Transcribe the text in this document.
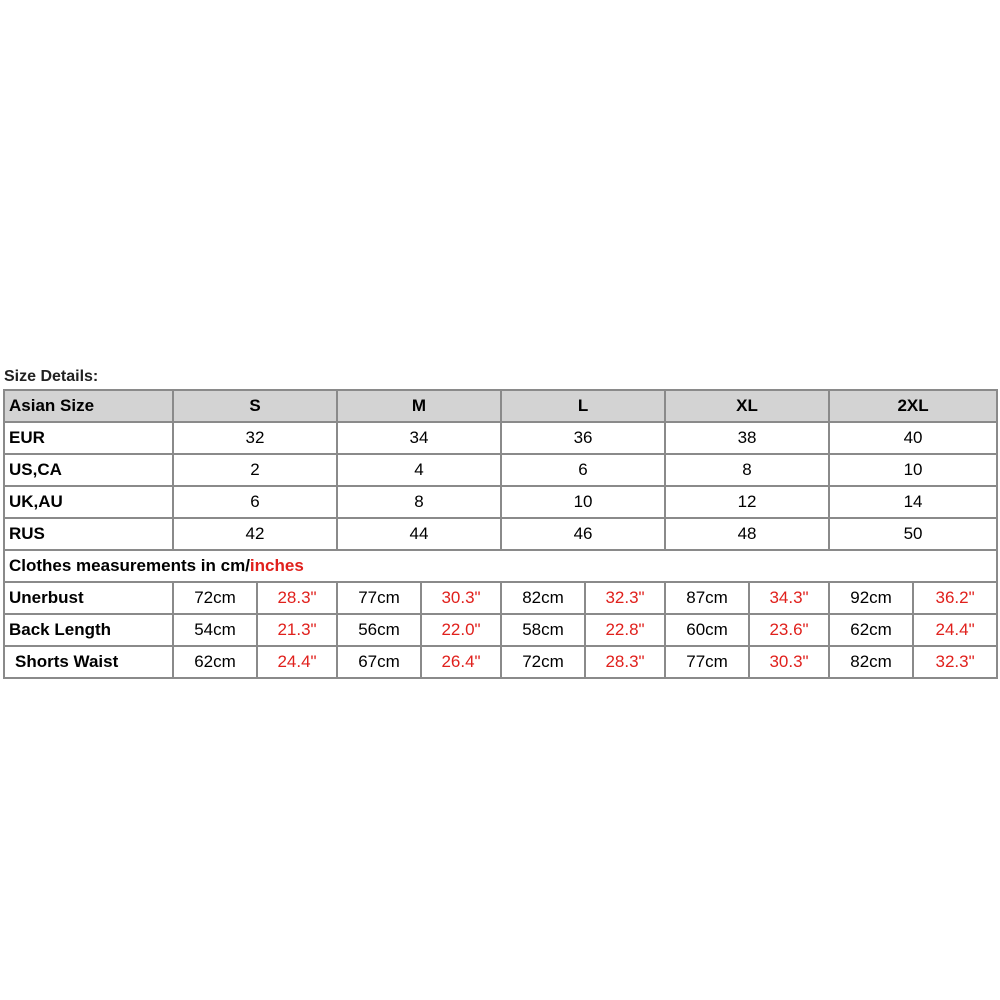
Size Details:
Asian Size	S		M		L		XL		2XL	
EUR	32		34		36		38		40	
US,CA	2		4		6		8		10	
UK,AU	6		8		10		12		14	
RUS	42		44		46		48		50	
Clothes measurements in cm/inches										
Unerbust	72cm	28.3"	77cm	30.3"	82cm	32.3"	87cm	34.3"	92cm	36.2"
Back Length	54cm	21.3"	56cm	22.0"	58cm	22.8"	60cm	23.6"	62cm	24.4"
Shorts Waist	62cm	24.4"	67cm	26.4"	72cm	28.3"	77cm	30.3"	82cm	32.3"
